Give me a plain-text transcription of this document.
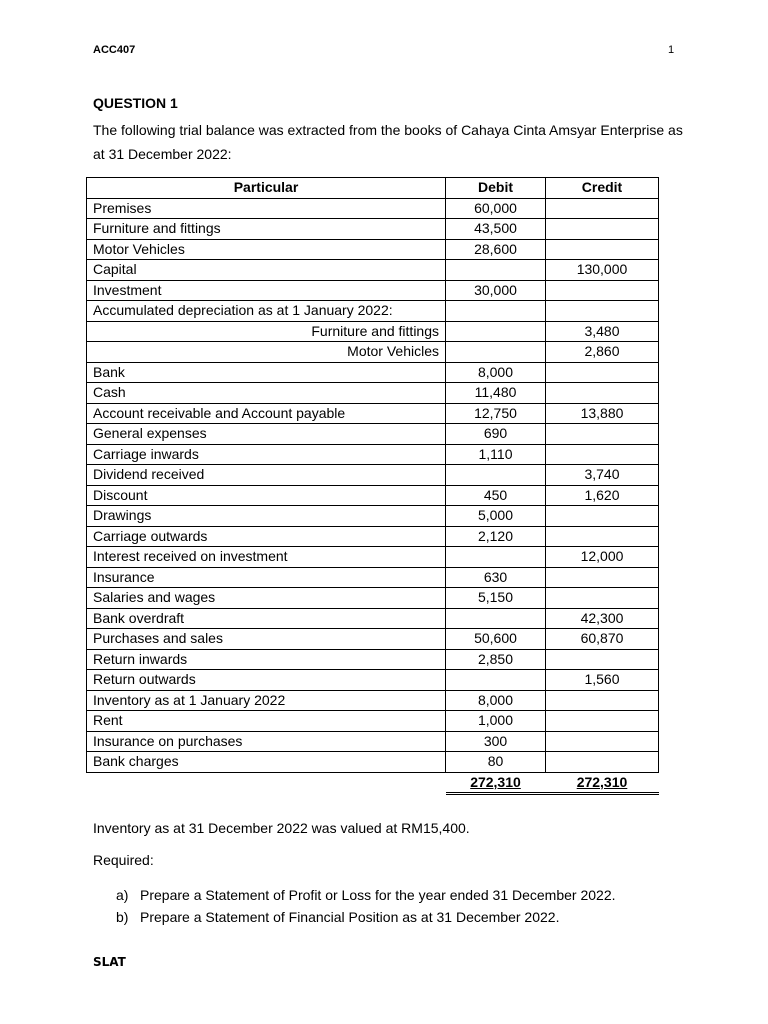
ACC407	1
QUESTION 1
The following trial balance was extracted from the books of Cahaya Cinta Amsyar Enterprise as at 31 December 2022:
Particular	Debit	Credit
Premises	60,000	
Furniture and fittings	43,500	
Motor Vehicles	28,600	
Capital		130,000
Investment	30,000	
Accumulated depreciation as at 1 January 2022:		
Furniture and fittings		3,480
Motor Vehicles		2,860
Bank	8,000	
Cash	11,480	
Account receivable and Account payable	12,750	13,880
General expenses	690	
Carriage inwards	1,110	
Dividend received		3,740
Discount	450	1,620
Drawings	5,000	
Carriage outwards	2,120	
Interest received on investment		12,000
Insurance	630	
Salaries and wages	5,150	
Bank overdraft		42,300
Purchases and sales	50,600	60,870
Return inwards	2,850	
Return outwards		1,560
Inventory as at 1 January 2022	8,000	
Rent	1,000	
Insurance on purchases	300	
Bank charges	80	
	272,310	272,310
Inventory as at 31 December 2022 was valued at RM15,400.
Required:
a) Prepare a Statement of Profit or Loss for the year ended 31 December 2022.
b) Prepare a Statement of Financial Position as at 31 December 2022.
SLAT
